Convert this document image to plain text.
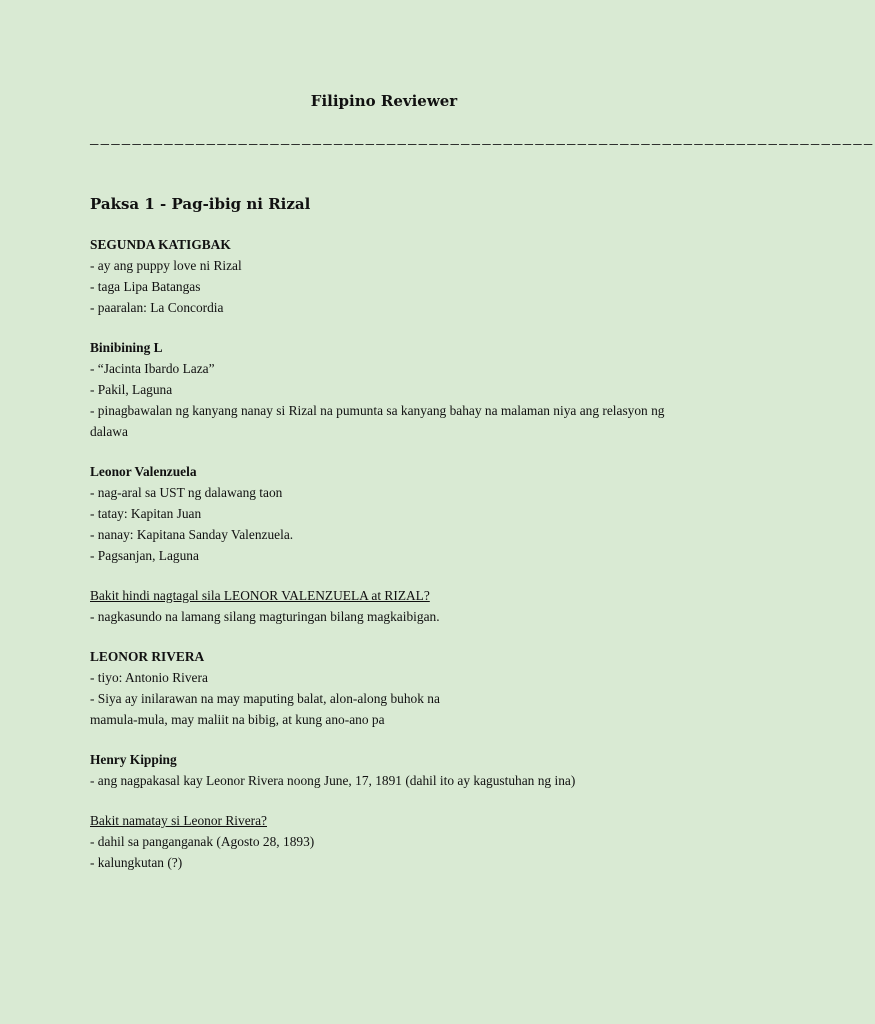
Filipino Reviewer
——————————————————————————————————————————————————————————————————————————
Paksa 1 - Pag-ibig ni Rizal
SEGUNDA KATIGBAK
- ay ang puppy love ni Rizal
- taga Lipa Batangas
- paaralan: La Concordia
Binibining L
- “Jacinta Ibardo Laza”
- Pakil, Laguna
- pinagbawalan ng kanyang nanay si Rizal na pumunta sa kanyang bahay na malaman niya ang relasyon ng
dalawa
Leonor Valenzuela
- nag-aral sa UST ng dalawang taon
- tatay: Kapitan Juan
- nanay: Kapitana Sanday Valenzuela.
- Pagsanjan, Laguna
Bakit hindi nagtagal sila LEONOR VALENZUELA at RIZAL?
- nagkasundo na lamang silang magturingan bilang magkaibigan.
LEONOR RIVERA
- tiyo: Antonio Rivera
- Siya ay inilarawan na may maputing balat, alon-along buhok na
mamula-mula, may maliit na bibig, at kung ano-ano pa
Henry Kipping
- ang nagpakasal kay Leonor Rivera noong June, 17, 1891 (dahil ito ay kagustuhan ng ina)
Bakit namatay si Leonor Rivera?
- dahil sa panganganak (Agosto 28, 1893)
- kalungkutan (?)
